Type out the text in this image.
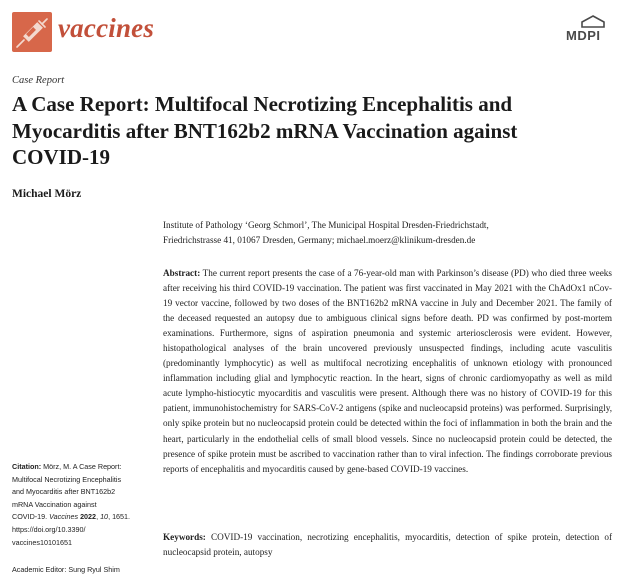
vaccines	MDPI
Case Report
A Case Report: Multifocal Necrotizing Encephalitis and
Myocarditis after BNT162b2 mRNA Vaccination against
COVID-19
Michael Mörz
Institute of Pathology ‘Georg Schmorl’, The Municipal Hospital Dresden-Friedrichstadt,
Friedrichstrasse 41, 01067 Dresden, Germany; michael.moerz@klinikum-dresden.de
Abstract: The current report presents the case of a 76-year-old man with Parkinson’s disease (PD) who died three weeks after receiving his third COVID-19 vaccination. The patient was first vaccinated in May 2021 with the ChAdOx1 nCov-19 vector vaccine, followed by two doses of the BNT162b2 mRNA vaccine in July and December 2021. The family of the deceased requested an autopsy due to ambiguous clinical signs before death. PD was confirmed by post-mortem examinations. Furthermore, signs of aspiration pneumonia and systemic arteriosclerosis were evident. However, histopathological analyses of the brain uncovered previously unsuspected findings, including acute vasculitis (predominantly lymphocytic) as well as multifocal necrotizing encephalitis of unknown etiology with pronounced inflammation including glial and lymphocytic reaction. In the heart, signs of chronic cardiomyopathy as well as mild acute lympho-histiocytic myocarditis and vasculitis were present. Although there was no history of COVID-19 for this patient, immunohistochemistry for SARS-CoV-2 antigens (spike and nucleocapsid proteins) was performed. Surprisingly, only spike protein but no nucleocapsid protein could be detected within the foci of inflammation in both the brain and the heart, particularly in the endothelial cells of small blood vessels. Since no nucleocapsid protein could be detected, the presence of spike protein must be ascribed to vaccination rather than to viral infection. The findings corroborate previous reports of encephalitis and myocarditis caused by gene-based COVID-19 vaccines.
Keywords: COVID-19 vaccination, necrotizing encephalitis, myocarditis, detection of spike protein, detection of nucleocapsid protein, autopsy
Citation: Mörz, M. A Case Report:
Multifocal Necrotizing Encephalitis
and Myocarditis after BNT162b2
mRNA Vaccination against
COVID-19. Vaccines 2022, 10, 1651.
https://doi.org/10.3390/
vaccines10101651
Academic Editor: Sung Ryul Shim
